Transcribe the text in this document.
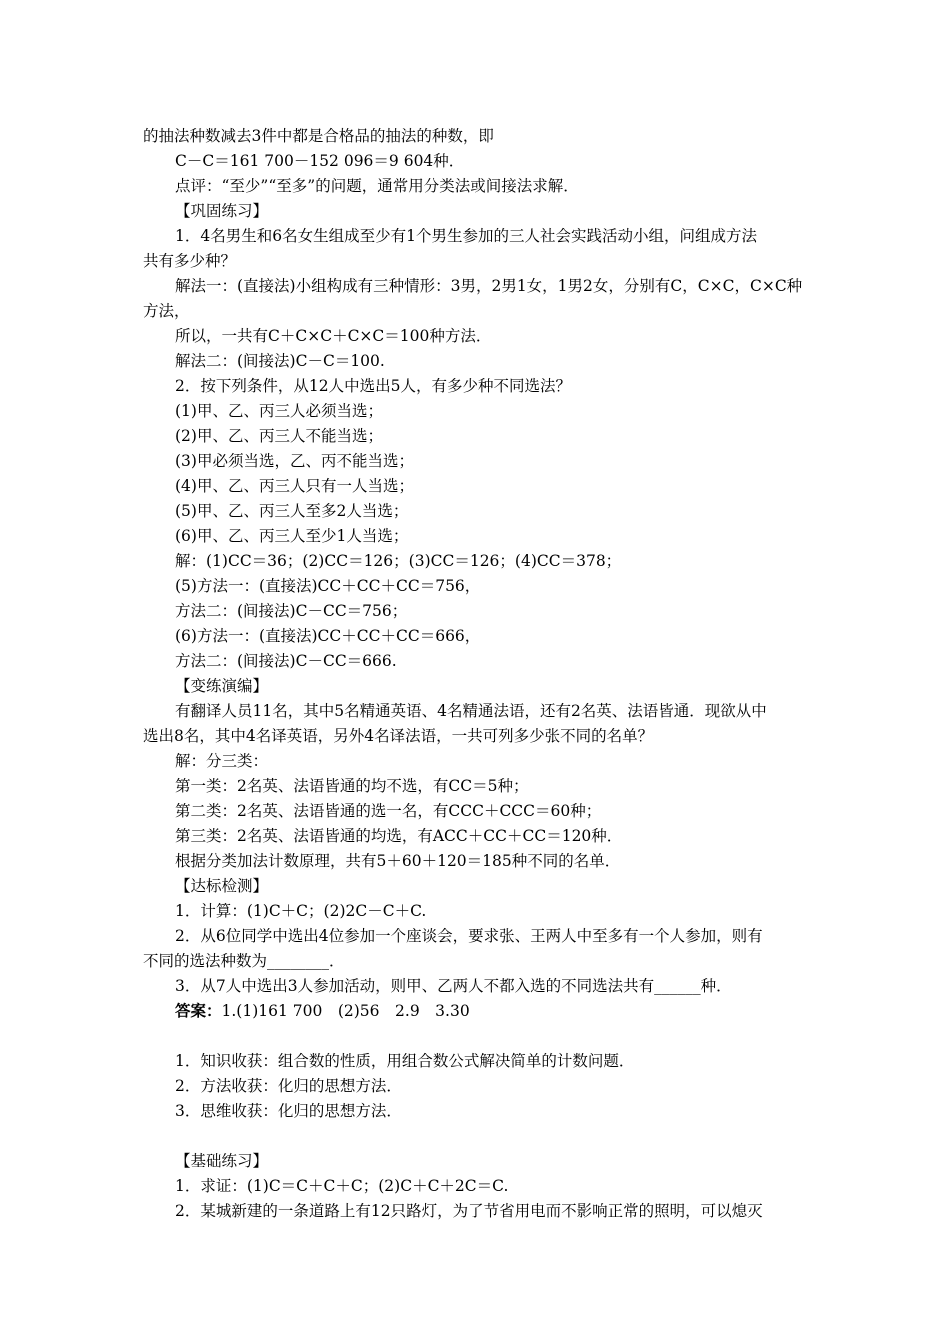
的抽法种数减去3件中都是合格品的抽法的种数，即
C－C＝161 700－152 096＝9 604种．
点评：“至少”“至多”的问题，通常用分类法或间接法求解．
【巩固练习】
1．4名男生和6名女生组成至少有1个男生参加的三人社会实践活动小组，问组成方法
共有多少种？
解法一：(直接法)小组构成有三种情形：3男，2男1女，1男2女，分别有C，C×C，C×C种
方法，
所以，一共有C＋C×C＋C×C＝100种方法．
解法二：(间接法)C－C＝100.
2．按下列条件，从12人中选出5人，有多少种不同选法？
(1)甲、乙、丙三人必须当选；
(2)甲、乙、丙三人不能当选；
(3)甲必须当选，乙、丙不能当选；
(4)甲、乙、丙三人只有一人当选；
(5)甲、乙、丙三人至多2人当选；
(6)甲、乙、丙三人至少1人当选；
解：(1)CC＝36；(2)CC＝126；(3)CC＝126；(4)CC＝378；
(5)方法一：(直接法)CC＋CC＋CC＝756，
方法二：(间接法)C－CC＝756；
(6)方法一：(直接法)CC＋CC＋CC＝666，
方法二：(间接法)C－CC＝666.
【变练演编】
有翻译人员11名，其中5名精通英语、4名精通法语，还有2名英、法语皆通．现欲从中
选出8名，其中4名译英语，另外4名译法语，一共可列多少张不同的名单？
解：分三类：
第一类：2名英、法语皆通的均不选，有CC＝5种；
第二类：2名英、法语皆通的选一名，有CCC＋CCC＝60种；
第三类：2名英、法语皆通的均选，有ACC＋CC＋CC＝120种．
根据分类加法计数原理，共有5＋60＋120＝185种不同的名单．
【达标检测】
1．计算：(1)C＋C；(2)2C－C＋C.
2．从6位同学中选出4位参加一个座谈会，要求张、王两人中至多有一个人参加，则有
不同的选法种数为________．
3．从7人中选出3人参加活动，则甲、乙两人不都入选的不同选法共有______种．
答案：1.(1)161 700　(2)56　2.9　3.30
1．知识收获：组合数的性质，用组合数公式解决简单的计数问题．
2．方法收获：化归的思想方法．
3．思维收获：化归的思想方法．
【基础练习】
1．求证：(1)C＝C＋C＋C；(2)C＋C＋2C＝C.
2．某城新建的一条道路上有12只路灯，为了节省用电而不影响正常的照明，可以熄灭
